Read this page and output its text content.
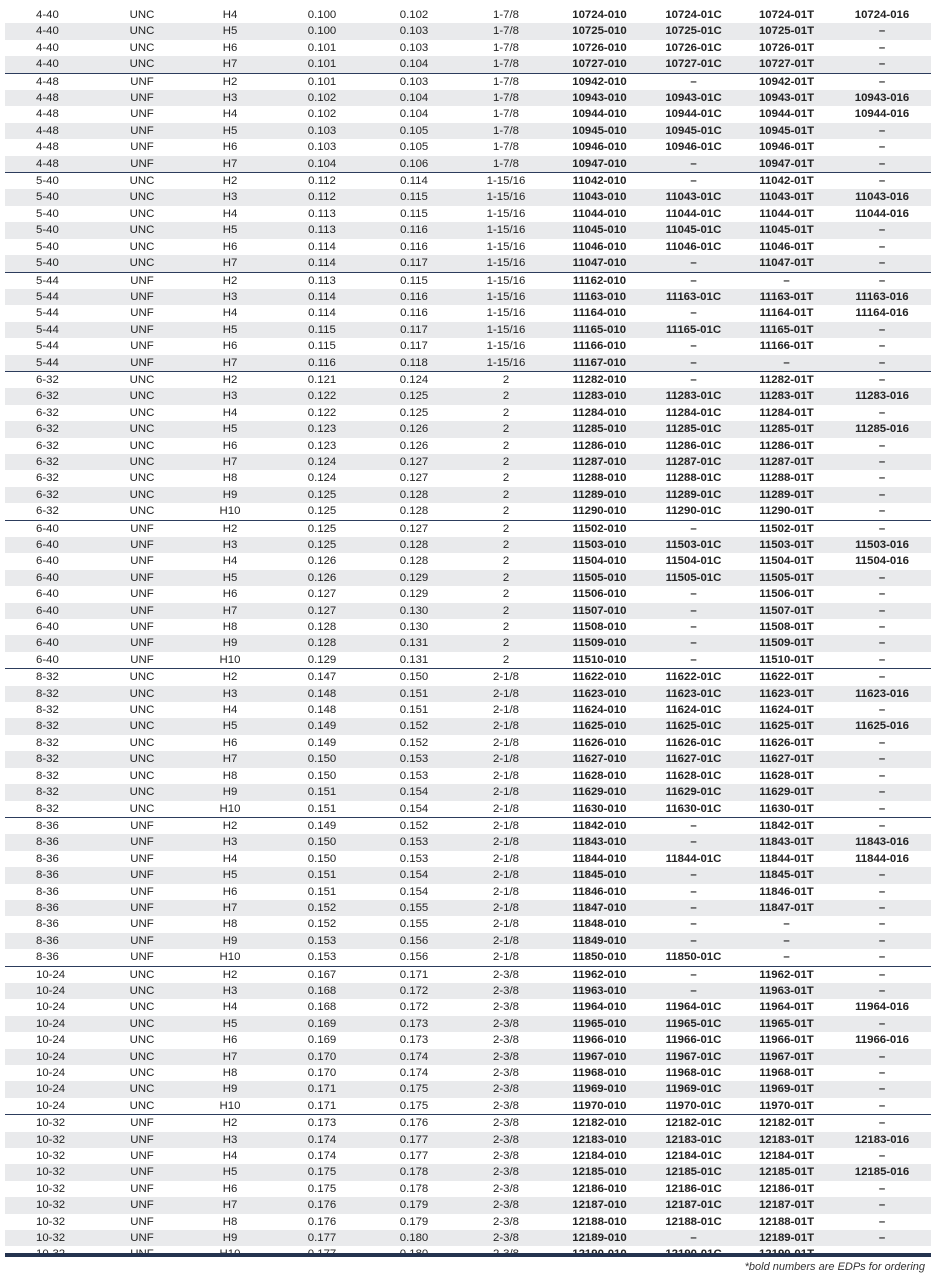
4-40	UNC	H4	0.100	0.102	1-7/8	10724-010	10724-01C	10724-01T	10724-016
4-40	UNC	H5	0.100	0.103	1-7/8	10725-010	10725-01C	10725-01T	–
4-40	UNC	H6	0.101	0.103	1-7/8	10726-010	10726-01C	10726-01T	–
4-40	UNC	H7	0.101	0.104	1-7/8	10727-010	10727-01C	10727-01T	–
4-48	UNF	H2	0.101	0.103	1-7/8	10942-010	–	10942-01T	–
4-48	UNF	H3	0.102	0.104	1-7/8	10943-010	10943-01C	10943-01T	10943-016
4-48	UNF	H4	0.102	0.104	1-7/8	10944-010	10944-01C	10944-01T	10944-016
4-48	UNF	H5	0.103	0.105	1-7/8	10945-010	10945-01C	10945-01T	–
4-48	UNF	H6	0.103	0.105	1-7/8	10946-010	10946-01C	10946-01T	–
4-48	UNF	H7	0.104	0.106	1-7/8	10947-010	–	10947-01T	–
5-40	UNC	H2	0.112	0.114	1-15/16	11042-010	–	11042-01T	–
5-40	UNC	H3	0.112	0.115	1-15/16	11043-010	11043-01C	11043-01T	11043-016
5-40	UNC	H4	0.113	0.115	1-15/16	11044-010	11044-01C	11044-01T	11044-016
5-40	UNC	H5	0.113	0.116	1-15/16	11045-010	11045-01C	11045-01T	–
5-40	UNC	H6	0.114	0.116	1-15/16	11046-010	11046-01C	11046-01T	–
5-40	UNC	H7	0.114	0.117	1-15/16	11047-010	–	11047-01T	–
5-44	UNF	H2	0.113	0.115	1-15/16	11162-010	–	–	–
5-44	UNF	H3	0.114	0.116	1-15/16	11163-010	11163-01C	11163-01T	11163-016
5-44	UNF	H4	0.114	0.116	1-15/16	11164-010	–	11164-01T	11164-016
5-44	UNF	H5	0.115	0.117	1-15/16	11165-010	11165-01C	11165-01T	–
5-44	UNF	H6	0.115	0.117	1-15/16	11166-010	–	11166-01T	–
5-44	UNF	H7	0.116	0.118	1-15/16	11167-010	–	–	–
6-32	UNC	H2	0.121	0.124	2	11282-010	–	11282-01T	–
6-32	UNC	H3	0.122	0.125	2	11283-010	11283-01C	11283-01T	11283-016
6-32	UNC	H4	0.122	0.125	2	11284-010	11284-01C	11284-01T	–
6-32	UNC	H5	0.123	0.126	2	11285-010	11285-01C	11285-01T	11285-016
6-32	UNC	H6	0.123	0.126	2	11286-010	11286-01C	11286-01T	–
6-32	UNC	H7	0.124	0.127	2	11287-010	11287-01C	11287-01T	–
6-32	UNC	H8	0.124	0.127	2	11288-010	11288-01C	11288-01T	–
6-32	UNC	H9	0.125	0.128	2	11289-010	11289-01C	11289-01T	–
6-32	UNC	H10	0.125	0.128	2	11290-010	11290-01C	11290-01T	–
6-40	UNF	H2	0.125	0.127	2	11502-010	–	11502-01T	–
6-40	UNF	H3	0.125	0.128	2	11503-010	11503-01C	11503-01T	11503-016
6-40	UNF	H4	0.126	0.128	2	11504-010	11504-01C	11504-01T	11504-016
6-40	UNF	H5	0.126	0.129	2	11505-010	11505-01C	11505-01T	–
6-40	UNF	H6	0.127	0.129	2	11506-010	–	11506-01T	–
6-40	UNF	H7	0.127	0.130	2	11507-010	–	11507-01T	–
6-40	UNF	H8	0.128	0.130	2	11508-010	–	11508-01T	–
6-40	UNF	H9	0.128	0.131	2	11509-010	–	11509-01T	–
6-40	UNF	H10	0.129	0.131	2	11510-010	–	11510-01T	–
8-32	UNC	H2	0.147	0.150	2-1/8	11622-010	11622-01C	11622-01T	–
8-32	UNC	H3	0.148	0.151	2-1/8	11623-010	11623-01C	11623-01T	11623-016
8-32	UNC	H4	0.148	0.151	2-1/8	11624-010	11624-01C	11624-01T	–
8-32	UNC	H5	0.149	0.152	2-1/8	11625-010	11625-01C	11625-01T	11625-016
8-32	UNC	H6	0.149	0.152	2-1/8	11626-010	11626-01C	11626-01T	–
8-32	UNC	H7	0.150	0.153	2-1/8	11627-010	11627-01C	11627-01T	–
8-32	UNC	H8	0.150	0.153	2-1/8	11628-010	11628-01C	11628-01T	–
8-32	UNC	H9	0.151	0.154	2-1/8	11629-010	11629-01C	11629-01T	–
8-32	UNC	H10	0.151	0.154	2-1/8	11630-010	11630-01C	11630-01T	–
8-36	UNF	H2	0.149	0.152	2-1/8	11842-010	–	11842-01T	–
8-36	UNF	H3	0.150	0.153	2-1/8	11843-010	–	11843-01T	11843-016
8-36	UNF	H4	0.150	0.153	2-1/8	11844-010	11844-01C	11844-01T	11844-016
8-36	UNF	H5	0.151	0.154	2-1/8	11845-010	–	11845-01T	–
8-36	UNF	H6	0.151	0.154	2-1/8	11846-010	–	11846-01T	–
8-36	UNF	H7	0.152	0.155	2-1/8	11847-010	–	11847-01T	–
8-36	UNF	H8	0.152	0.155	2-1/8	11848-010	–	–	–
8-36	UNF	H9	0.153	0.156	2-1/8	11849-010	–	–	–
8-36	UNF	H10	0.153	0.156	2-1/8	11850-010	11850-01C	–	–
10-24	UNC	H2	0.167	0.171	2-3/8	11962-010	–	11962-01T	–
10-24	UNC	H3	0.168	0.172	2-3/8	11963-010	–	11963-01T	–
10-24	UNC	H4	0.168	0.172	2-3/8	11964-010	11964-01C	11964-01T	11964-016
10-24	UNC	H5	0.169	0.173	2-3/8	11965-010	11965-01C	11965-01T	–
10-24	UNC	H6	0.169	0.173	2-3/8	11966-010	11966-01C	11966-01T	11966-016
10-24	UNC	H7	0.170	0.174	2-3/8	11967-010	11967-01C	11967-01T	–
10-24	UNC	H8	0.170	0.174	2-3/8	11968-010	11968-01C	11968-01T	–
10-24	UNC	H9	0.171	0.175	2-3/8	11969-010	11969-01C	11969-01T	–
10-24	UNC	H10	0.171	0.175	2-3/8	11970-010	11970-01C	11970-01T	–
10-32	UNF	H2	0.173	0.176	2-3/8	12182-010	12182-01C	12182-01T	–
10-32	UNF	H3	0.174	0.177	2-3/8	12183-010	12183-01C	12183-01T	12183-016
10-32	UNF	H4	0.174	0.177	2-3/8	12184-010	12184-01C	12184-01T	–
10-32	UNF	H5	0.175	0.178	2-3/8	12185-010	12185-01C	12185-01T	12185-016
10-32	UNF	H6	0.175	0.178	2-3/8	12186-010	12186-01C	12186-01T	–
10-32	UNF	H7	0.176	0.179	2-3/8	12187-010	12187-01C	12187-01T	–
10-32	UNF	H8	0.176	0.179	2-3/8	12188-010	12188-01C	12188-01T	–
10-32	UNF	H9	0.177	0.180	2-3/8	12189-010	–	12189-01T	–

*bold numbers are EDPs for ordering
